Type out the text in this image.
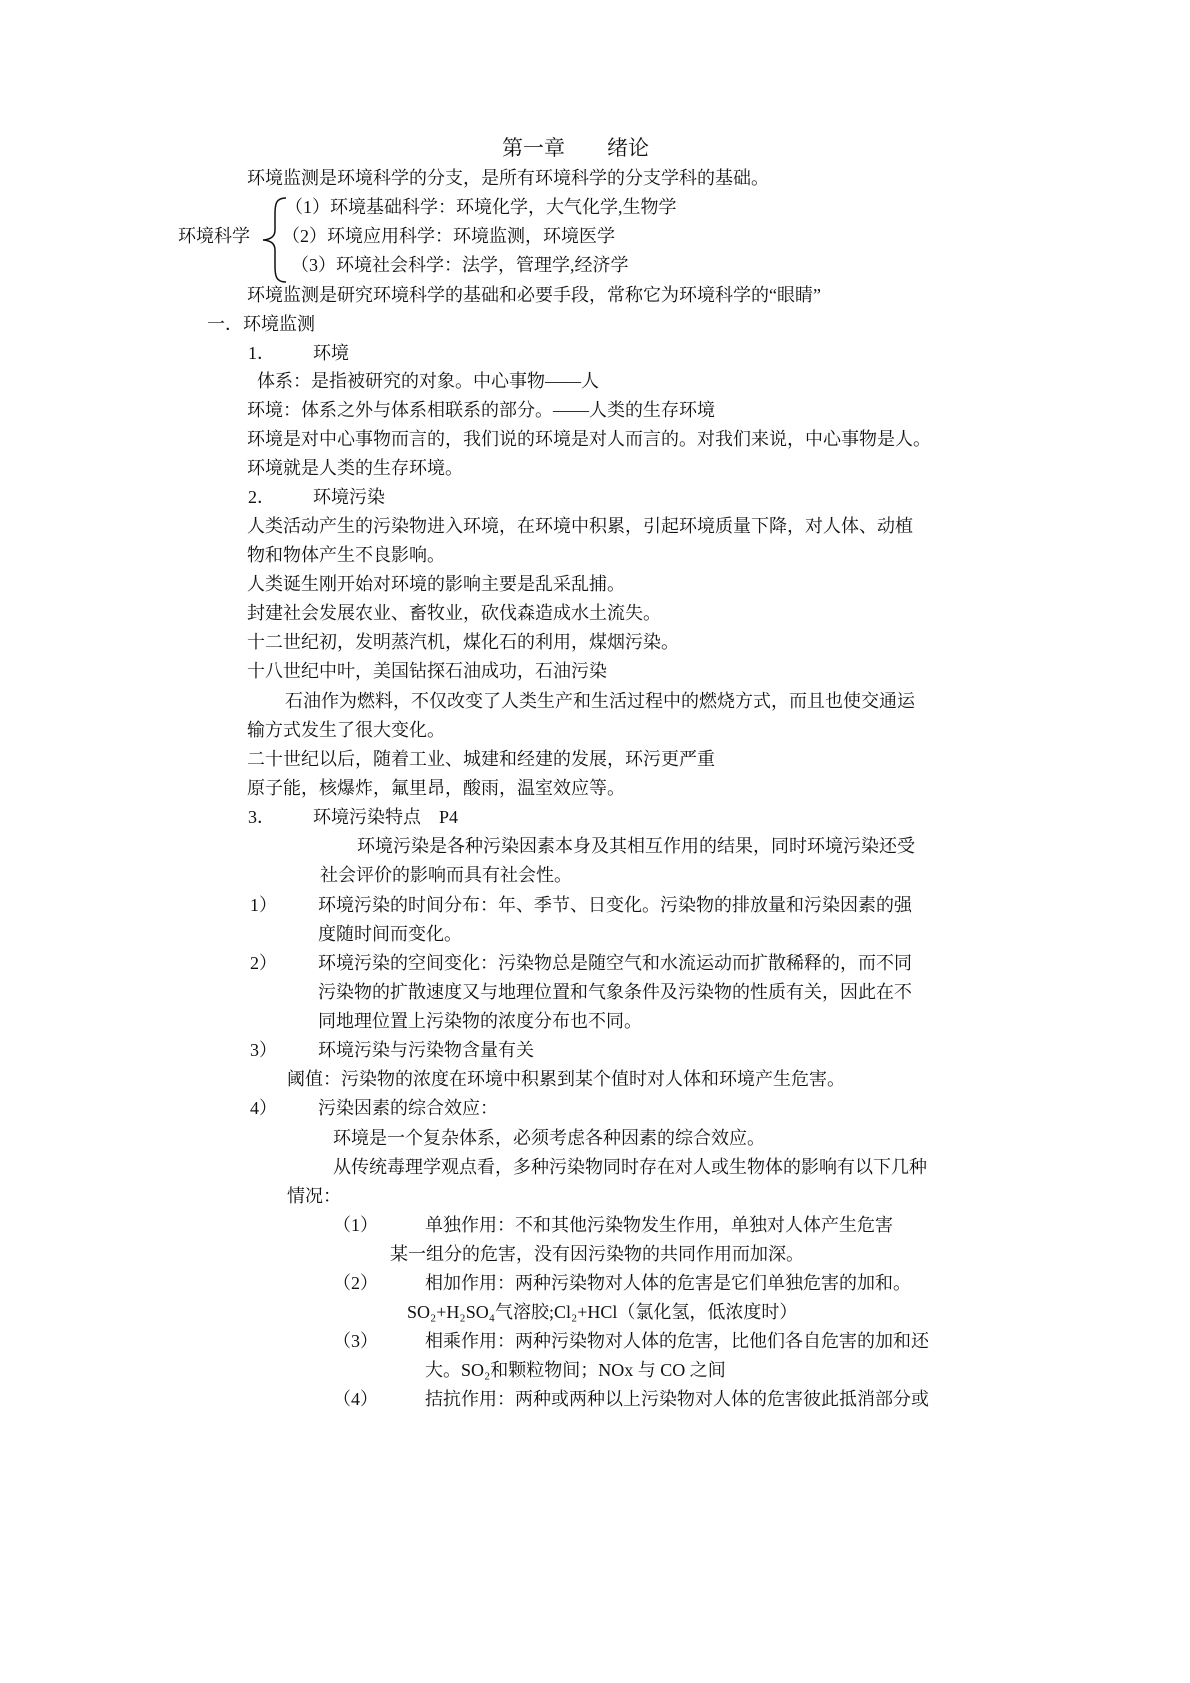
第一章 绪论
环境监测是环境科学的分支，是所有环境科学的分支学科的基础。
环境科学
（1）环境基础科学：环境化学，大气化学,生物学
（2）环境应用科学：环境监测，环境医学
（3）环境社会科学：法学，管理学,经济学
环境监测是研究环境科学的基础和必要手段，常称它为环境科学的“眼睛”
一．环境监测
1． 环境
体系：是指被研究的对象。中心事物——人
环境：体系之外与体系相联系的部分。——人类的生存环境
环境是对中心事物而言的，我们说的环境是对人而言的。对我们来说，中心事物是人。
环境就是人类的生存环境。
2． 环境污染
人类活动产生的污染物进入环境，在环境中积累，引起环境质量下降，对人体、动植
物和物体产生不良影响。
人类诞生刚开始对环境的影响主要是乱采乱捕。
封建社会发展农业、畜牧业，砍伐森造成水土流失。
十二世纪初，发明蒸汽机，煤化石的利用，煤烟污染。
十八世纪中叶，美国钻探石油成功，石油污染
石油作为燃料，不仅改变了人类生产和生活过程中的燃烧方式，而且也使交通运
输方式发生了很大变化。
二十世纪以后，随着工业、城建和经建的发展，环污更严重
原子能，核爆炸，氟里昂，酸雨，温室效应等。
3． 环境污染特点 P4
环境污染是各种污染因素本身及其相互作用的结果，同时环境污染还受
社会评价的影响而具有社会性。
1） 环境污染的时间分布：年、季节、日变化。污染物的排放量和污染因素的强
度随时间而变化。
2） 环境污染的空间变化：污染物总是随空气和水流运动而扩散稀释的，而不同
污染物的扩散速度又与地理位置和气象条件及污染物的性质有关，因此在不
同地理位置上污染物的浓度分布也不同。
3） 环境污染与污染物含量有关
阈值：污染物的浓度在环境中积累到某个值时对人体和环境产生危害。
4） 污染因素的综合效应：
环境是一个复杂体系，必须考虑各种因素的综合效应。
从传统毒理学观点看，多种污染物同时存在对人或生物体的影响有以下几种
情况：
（1）	单独作用：不和其他污染物发生作用，单独对人体产生危害
某一组分的危害，没有因污染物的共同作用而加深。
（2）	相加作用：两种污染物对人体的危害是它们单独危害的加和。
SO₂+H₂SO₄气溶胶;Cl₂+HCl（氯化氢，低浓度时）
（3）	相乘作用：两种污染物对人体的危害，比他们各自危害的加和还
大。SO₂和颗粒物间；NOx 与 CO 之间
（4）	拮抗作用：两种或两种以上污染物对人体的危害彼此抵消部分或
